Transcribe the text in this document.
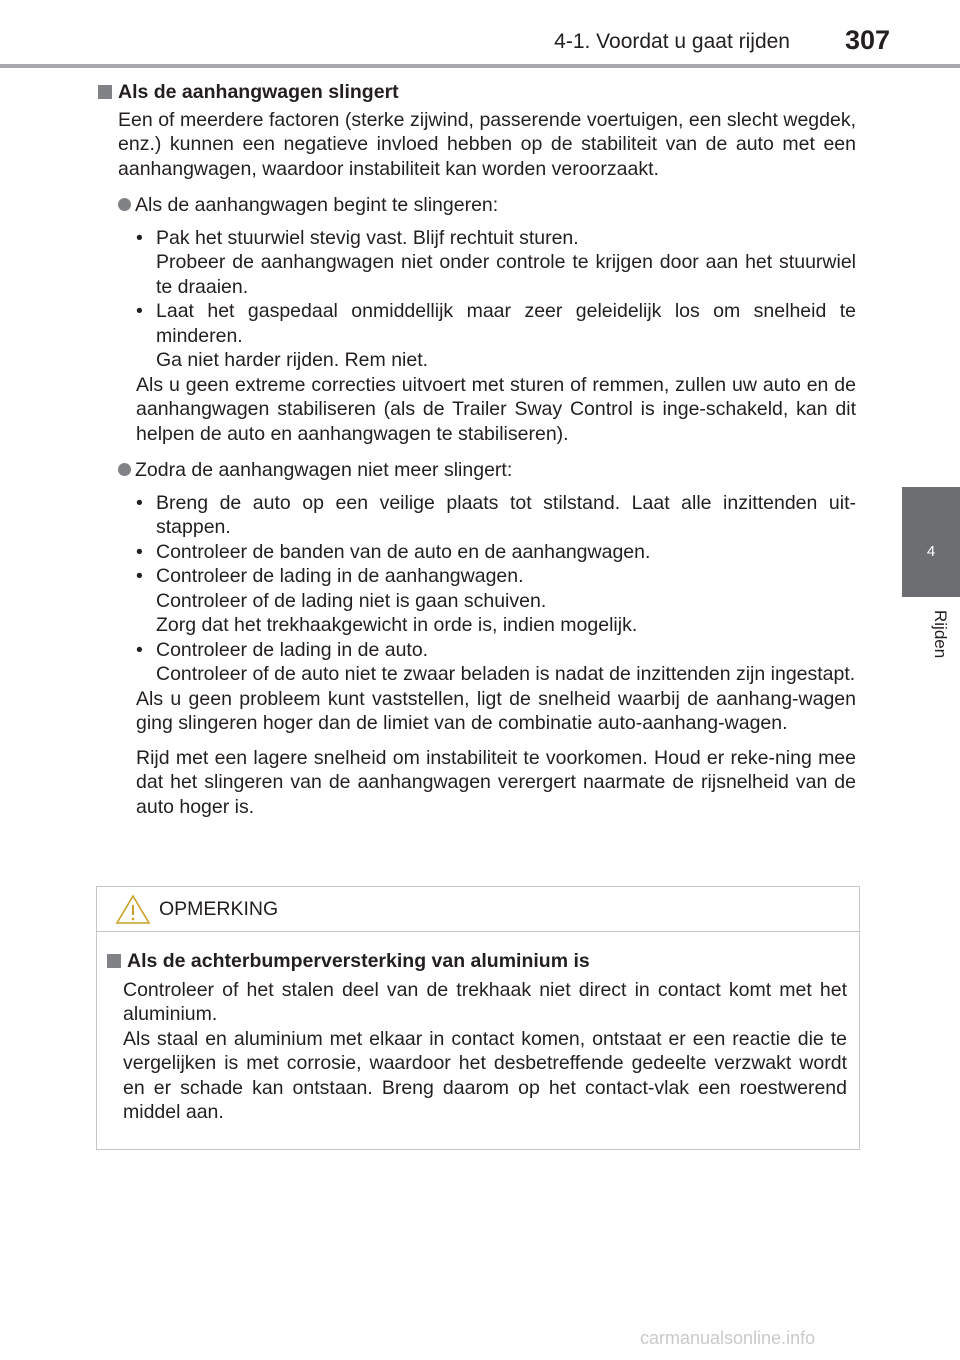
4-1. Voordat u gaat rijden	307
4
Rijden
Als de aanhangwagen slingert
Een of meerdere factoren (sterke zijwind, passerende voertuigen, een slecht wegdek, enz.) kunnen een negatieve invloed hebben op de stabiliteit van de auto met een aanhangwagen, waardoor instabiliteit kan worden veroorzaakt.
Als de aanhangwagen begint te slingeren:
• Pak het stuurwiel stevig vast. Blijf rechtuit sturen.
Probeer de aanhangwagen niet onder controle te krijgen door aan het stuurwiel te draaien.
• Laat het gaspedaal onmiddellijk maar zeer geleidelijk los om snelheid te minderen.
Ga niet harder rijden. Rem niet.
Als u geen extreme correcties uitvoert met sturen of remmen, zullen uw auto en de aanhangwagen stabiliseren (als de Trailer Sway Control is inge-schakeld, kan dit helpen de auto en aanhangwagen te stabiliseren).
Zodra de aanhangwagen niet meer slingert:
• Breng de auto op een veilige plaats tot stilstand. Laat alle inzittenden uit-stappen.
• Controleer de banden van de auto en de aanhangwagen.
• Controleer de lading in de aanhangwagen.
Controleer of de lading niet is gaan schuiven.
Zorg dat het trekhaakgewicht in orde is, indien mogelijk.
• Controleer de lading in de auto.
Controleer of de auto niet te zwaar beladen is nadat de inzittenden zijn ingestapt.
Als u geen probleem kunt vaststellen, ligt de snelheid waarbij de aanhang-wagen ging slingeren hoger dan de limiet van de combinatie auto-aanhang-wagen.
Rijd met een lagere snelheid om instabiliteit te voorkomen. Houd er reke-ning mee dat het slingeren van de aanhangwagen verergert naarmate de rijsnelheid van de auto hoger is.
OPMERKING
Als de achterbumperversterking van aluminium is
Controleer of het stalen deel van de trekhaak niet direct in contact komt met het aluminium.
Als staal en aluminium met elkaar in contact komen, ontstaat er een reactie die te vergelijken is met corrosie, waardoor het desbetreffende gedeelte verzwakt wordt en er schade kan ontstaan. Breng daarom op het contact-vlak een roestwerend middel aan.
carmanualsonline.info
